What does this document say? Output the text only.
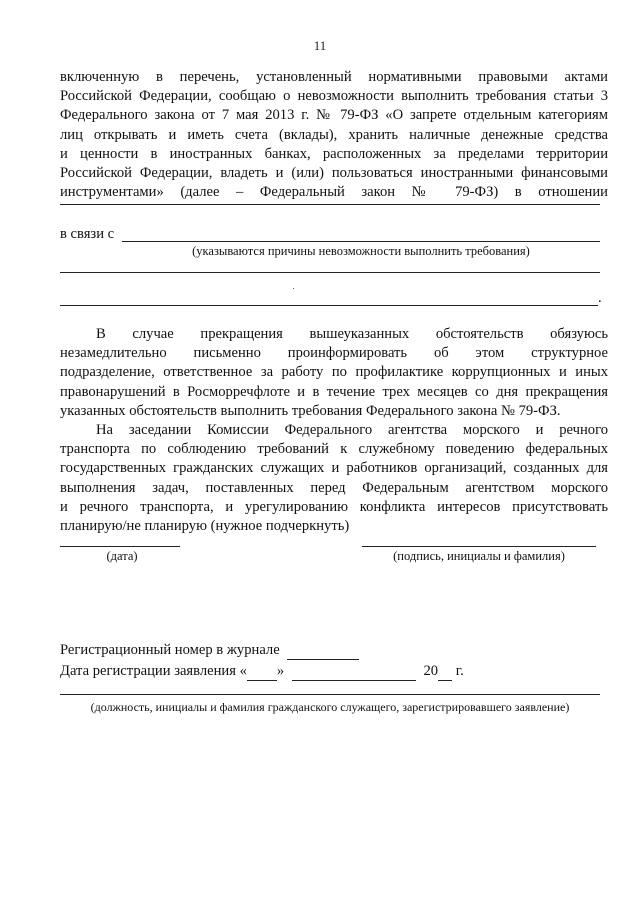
11
включенную в перечень, установленный нормативными правовыми актами
Российской Федерации, сообщаю о невозможности выполнить требования статьи 3
Федерального закона от 7 мая 2013 г. № 79-ФЗ «О запрете отдельным категориям
лиц открывать и иметь счета (вклады), хранить наличные денежные средства
и ценности в иностранных банках, расположенных за пределами территории
Российской Федерации, владеть и (или) пользоваться иностранными финансовыми
инструментами» (далее – Федеральный закон № 79-ФЗ) в отношении
в связи с
(указываются причины невозможности выполнить требования)
.
В случае прекращения вышеуказанных обстоятельств обязуюсь
незамедлительно письменно проинформировать об этом структурное
подразделение, ответственное за работу по профилактике коррупционных и иных
правонарушений в Росморречфлоте и в течение трех месяцев со дня прекращения
указанных обстоятельств выполнить требования Федерального закона № 79-ФЗ.
На заседании Комиссии Федерального агентства морского и речного
транспорта по соблюдению требований к служебному поведению федеральных
государственных гражданских служащих и работников организаций, созданных для
выполнения задач, поставленных перед Федеральным агентством морского
и речного транспорта, и урегулированию конфликта интересов присутствовать
планирую/не планирую (нужное подчеркнуть)
(дата)	(подпись, инициалы и фамилия)
Регистрационный номер в журнале
Дата регистрации заявления « »	20 г.
(должность, инициалы и фамилия гражданского служащего, зарегистрировавшего заявление)
